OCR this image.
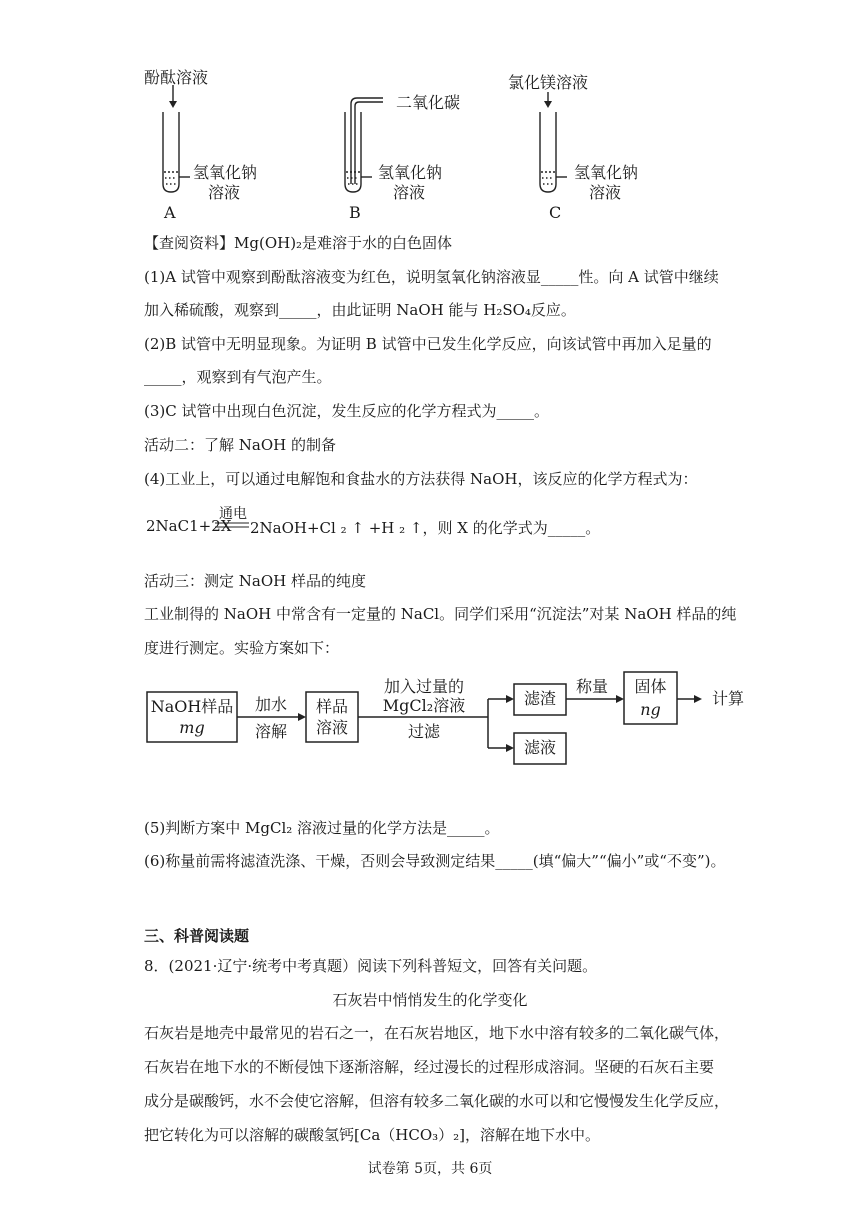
酚酞溶液
氢氧化钠
溶液
A
二氧化碳
氢氧化钠
溶液
B
氯化镁溶液
氢氧化钠
溶液
C
【查阅资料】Mg(OH)₂是难溶于水的白色固体
(1)A 试管中观察到酚酞溶液变为红色，说明氢氧化钠溶液显_____性。向 A 试管中继续
加入稀硫酸，观察到_____，由此证明 NaOH 能与 H₂SO₄反应。
(2)B 试管中无明显现象。为证明 B 试管中已发生化学反应，向该试管中再加入足量的
_____，观察到有气泡产生。
(3)C 试管中出现白色沉淀，发生反应的化学方程式为_____。
活动二：了解 NaOH 的制备
(4)工业上，可以通过电解饱和食盐水的方法获得 NaOH，该反应的化学方程式为：
2NaC1+2X
通电
2NaOH+Cl ₂ ↑ +H ₂ ↑，则 X 的化学式为_____。
活动三：测定 NaOH 样品的纯度
工业制得的 NaOH 中常含有一定量的 NaCl。同学们采用“沉淀法”对某 NaOH 样品的纯
度进行测定。实验方案如下：
NaOH样品
mg
加水
溶解
样品
溶液
加入过量的
MgCl₂溶液
过滤
滤渣
称量	固体
ng
计算
滤液
(5)判断方案中 MgCl₂ 溶液过量的化学方法是_____。
(6)称量前需将滤渣洗涤、干燥，否则会导致测定结果_____(填“偏大”“偏小”或“不变”)。
三、科普阅读题
8．(2021·辽宁·统考中考真题）阅读下列科普短文，回答有关问题。
石灰岩中悄悄发生的化学变化
石灰岩是地壳中最常见的岩石之一，在石灰岩地区，地下水中溶有较多的二氧化碳气体，
石灰岩在地下水的不断侵蚀下逐渐溶解，经过漫长的过程形成溶洞。坚硬的石灰石主要
成分是碳酸钙，水不会使它溶解，但溶有较多二氧化碳的水可以和它慢慢发生化学反应，
把它转化为可以溶解的碳酸氢钙[Ca（HCO₃）₂]，溶解在地下水中。
试卷第 5页，共 6页
